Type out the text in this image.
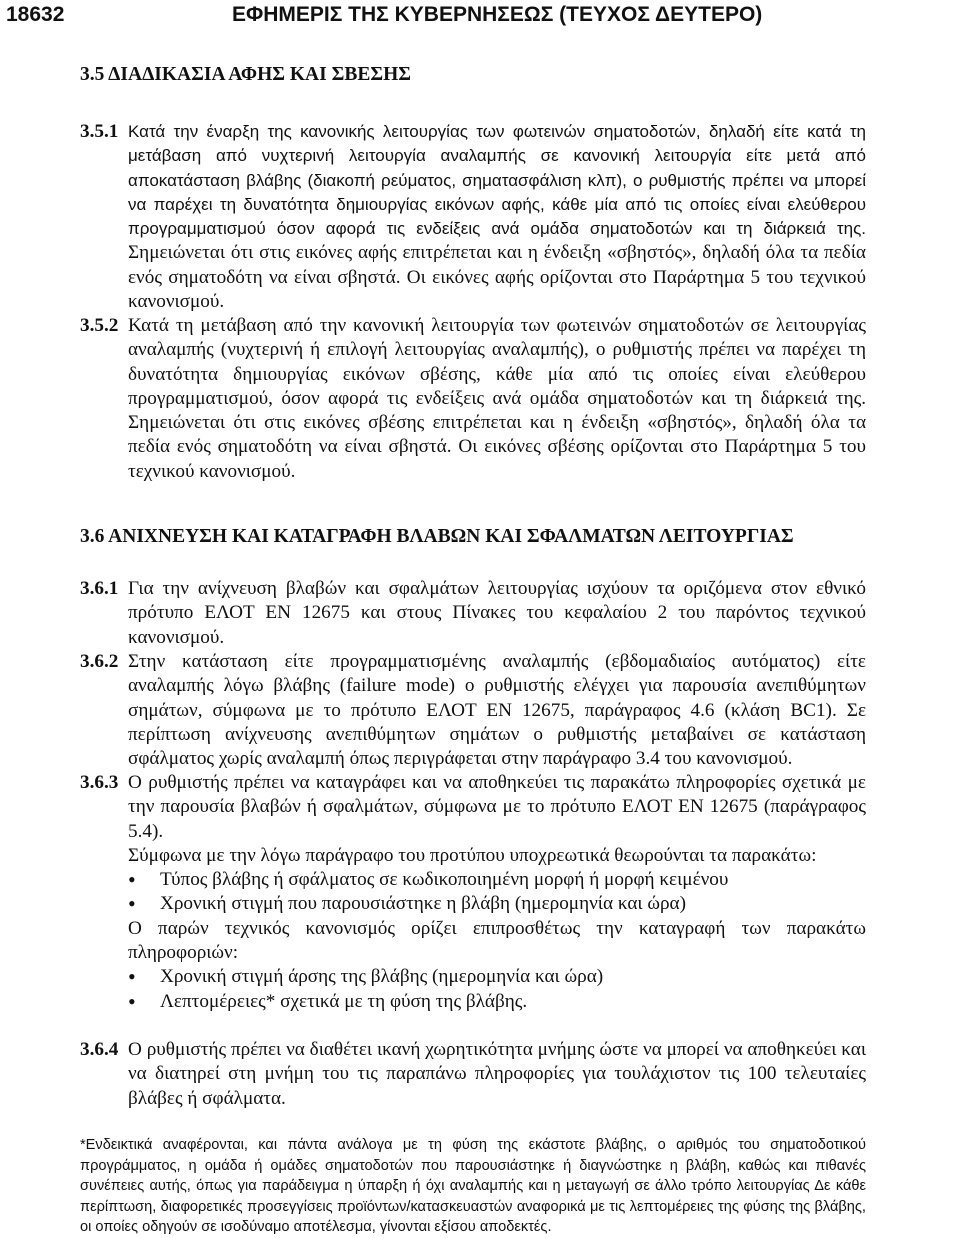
18632	ΕΦΗΜΕΡΙΣ ΤΗΣ ΚΥΒΕΡΝΗΣΕΩΣ (ΤΕΥΧΟΣ ΔΕΥΤΕΡΟ)
3.5 ΔΙΑΔΙΚΑΣΙΑ ΑΦΗΣ ΚΑΙ ΣΒΕΣΗΣ
3.5.1 Κατά την έναρξη της κανονικής λειτουργίας των φωτεινών σηματοδοτών, δηλαδή είτε κατά τη μετάβαση από νυχτερινή λειτουργία αναλαμπής σε κανονική λειτουργία είτε μετά από αποκατάσταση βλάβης (διακοπή ρεύματος, σηματασφάλιση κλπ), ο ρυθμιστής πρέπει να μπορεί να παρέχει τη δυνατότητα δημιουργίας εικόνων αφής, κάθε μία από τις οποίες είναι ελεύθερου προγραμματισμού όσον αφορά τις ενδείξεις ανά ομάδα σηματοδοτών και τη διάρκειά της. Σημειώνεται ότι στις εικόνες αφής επιτρέπεται και η ένδειξη «σβηστός», δηλαδή όλα τα πεδία ενός σηματοδότη να είναι σβηστά. Οι εικόνες αφής ορίζονται στο Παράρτημα 5 του τεχνικού κανονισμού.
3.5.2 Κατά τη μετάβαση από την κανονική λειτουργία των φωτεινών σηματοδοτών σε λειτουργίας αναλαμπής (νυχτερινή ή επιλογή λειτουργίας αναλαμπής), ο ρυθμιστής πρέπει να παρέχει τη δυνατότητα δημιουργίας εικόνων σβέσης, κάθε μία από τις οποίες είναι ελεύθερου προγραμματισμού, όσον αφορά τις ενδείξεις ανά ομάδα σηματοδοτών και τη διάρκειά της. Σημειώνεται ότι στις εικόνες σβέσης επιτρέπεται και η ένδειξη «σβηστός», δηλαδή όλα τα πεδία ενός σηματοδότη να είναι σβηστά. Οι εικόνες σβέσης ορίζονται στο Παράρτημα 5 του τεχνικού κανονισμού.
3.6 ΑΝΙΧΝΕΥΣΗ ΚΑΙ ΚΑΤΑΓΡΑΦΗ ΒΛΑΒΩΝ ΚΑΙ ΣΦΑΛΜΑΤΩΝ ΛΕΙΤΟΥΡΓΙΑΣ
3.6.1 Για την ανίχνευση βλαβών και σφαλμάτων λειτουργίας ισχύουν τα οριζόμενα στον εθνικό πρότυπο ΕΛΟΤ ΕΝ 12675 και στους Πίνακες του κεφαλαίου 2 του παρόντος τεχνικού κανονισμού.
3.6.2 Στην κατάσταση είτε προγραμματισμένης αναλαμπής (εβδομαδιαίος αυτόματος) είτε αναλαμπής λόγω βλάβης (failure mode) ο ρυθμιστής ελέγχει για παρουσία ανεπιθύμητων σημάτων, σύμφωνα με το πρότυπο ΕΛΟΤ ΕΝ 12675, παράγραφος 4.6 (κλάση BC1). Σε περίπτωση ανίχνευσης ανεπιθύμητων σημάτων ο ρυθμιστής μεταβαίνει σε κατάσταση σφάλματος χωρίς αναλαμπή όπως περιγράφεται στην παράγραφο 3.4 του κανονισμού.
3.6.3 Ο ρυθμιστής πρέπει να καταγράφει και να αποθηκεύει τις παρακάτω πληροφορίες σχετικά με την παρουσία βλαβών ή σφαλμάτων, σύμφωνα με το πρότυπο ΕΛΟΤ ΕΝ 12675 (παράγραφος 5.4).
Σύμφωνα με την λόγω παράγραφο του προτύπου υποχρεωτικά θεωρούνται τα παρακάτω:
• Τύπος βλάβης ή σφάλματος σε κωδικοποιημένη μορφή ή μορφή κειμένου
• Χρονική στιγμή που παρουσιάστηκε η βλάβη (ημερομηνία και ώρα)
Ο παρών τεχνικός κανονισμός ορίζει επιπροσθέτως την καταγραφή των παρακάτω πληροφοριών:
• Χρονική στιγμή άρσης της βλάβης (ημερομηνία και ώρα)
• Λεπτομέρειες* σχετικά με τη φύση της βλάβης.
3.6.4 Ο ρυθμιστής πρέπει να διαθέτει ικανή χωρητικότητα μνήμης ώστε να μπορεί να αποθηκεύει και να διατηρεί στη μνήμη του τις παραπάνω πληροφορίες για τουλάχιστον τις 100 τελευταίες βλάβες ή σφάλματα.
*Ενδεικτικά αναφέρονται, και πάντα ανάλογα με τη φύση της εκάστοτε βλάβης, ο αριθμός του σηματοδοτικού προγράμματος, η ομάδα ή ομάδες σηματοδοτών που παρουσιάστηκε ή διαγνώστηκε η βλάβη, καθώς και πιθανές συνέπειες αυτής, όπως για παράδειγμα η ύπαρξη ή όχι αναλαμπής και η μεταγωγή σε άλλο τρόπο λειτουργίας Δε κάθε περίπτωση, διαφορετικές προσεγγίσεις προϊόντων/κατασκευαστών αναφορικά με τις λεπτομέρειες της φύσης της βλάβης, οι οποίες οδηγούν σε ισοδύναμο αποτέλεσμα, γίνονται εξίσου αποδεκτές.
